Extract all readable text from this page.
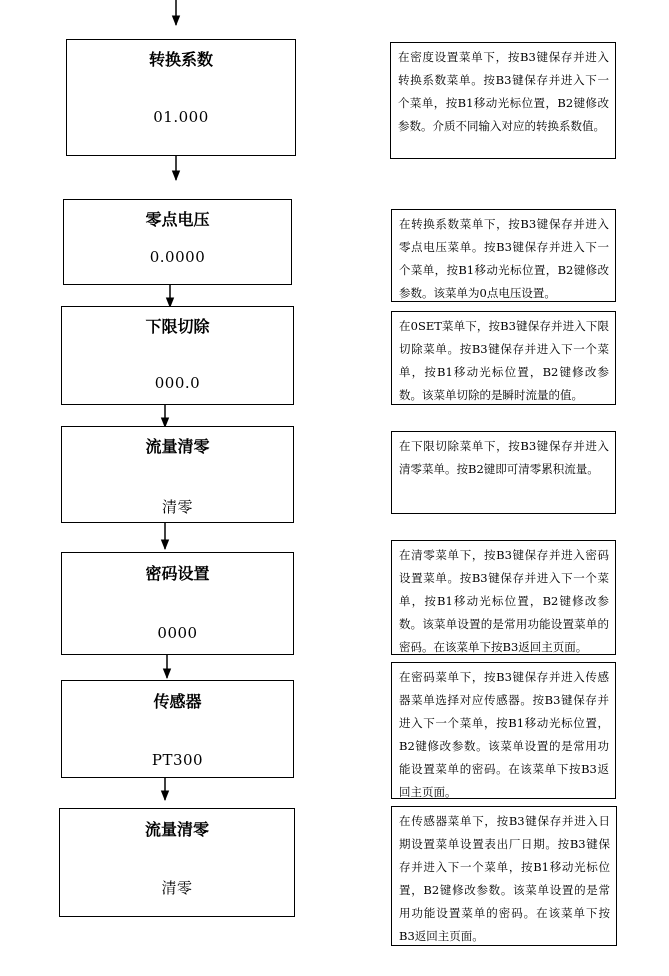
转换系数
01.000
零点电压
0.0000
下限切除
000.0
流量清零
清零
密码设置
0000
传感器
PT300
流量清零
清零
在密度设置菜单下，按B3键保存并进入转换系数菜单。按B3键保存并进入下一个菜单，按B1移动光标位置，B2键修改参数。介质不同输入对应的转换系数值。
在转换系数菜单下，按B3键保存并进入零点电压菜单。按B3键保存并进入下一个菜单，按B1移动光标位置，B2键修改参数。该菜单为0点电压设置。
在0SET菜单下，按B3键保存并进入下限切除菜单。按B3键保存并进入下一个菜单，按B1移动光标位置，B2键修改参数。该菜单切除的是瞬时流量的值。
在下限切除菜单下，按B3键保存并进入清零菜单。按B2键即可清零累积流量。
在清零菜单下，按B3键保存并进入密码设置菜单。按B3键保存并进入下一个菜单，按B1移动光标位置，B2键修改参数。该菜单设置的是常用功能设置菜单的密码。在该菜单下按B3返回主页面。
在密码菜单下，按B3键保存并进入传感器菜单选择对应传感器。按B3键保存并进入下一个菜单，按B1移动光标位置，B2键修改参数。该菜单设置的是常用功能设置菜单的密码。在该菜单下按B3返回主页面。
在传感器菜单下，按B3键保存并进入日期设置菜单设置表出厂日期。按B3键保存并进入下一个菜单，按B1移动光标位置，B2键修改参数。该菜单设置的是常用功能设置菜单的密码。在该菜单下按B3返回主页面。
